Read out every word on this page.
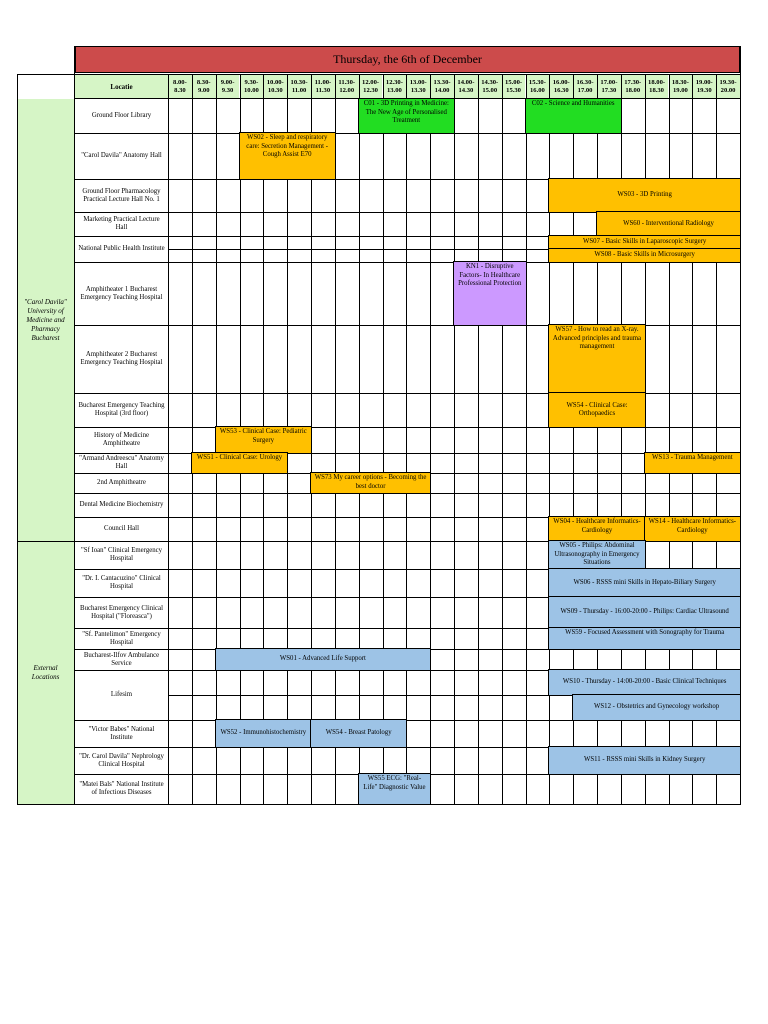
Thursday, the 6th of December
Locatie
8.00-8.30
8.30-9.00
9.00-9.30
9.30-10.00
10.00-10.30
10.30-11.00
11.00-11.30
11.30-12.00
12.00-12.30
12.30-13.00
13.00-13.30
13.30-14.00
14.00-14.30
14.30-15.00
15.00-15.30
15.30-16.00
16.00-16.30
16.30-17.00
17.00-17.30
17.30-18.00
18.00-18.30
18.30-19.00
19.00-19.30
19.30-20.00
"Carol Davila" University of Medicine and Pharmacy Bucharest
External Locations
Ground Floor Library
"Carol Davila" Anatomy Hall
Ground Floor Pharmacology Practical Lecture Hall No. 1
Marketing Practical Lecture Hall
National Public Health Institute
Amphitheater 1 Bucharest Emergency Teaching Hospital
Amphitheater 2 Bucharest Emergency Teaching Hospital
Bucharest Emergency Teaching Hospital (3rd floor)
History of Medicine Amphitheatre
"Armand Andreescu" Anatomy Hall
2nd Amphitheatre
Dental Medicine Biochemistry
Council Hall
"Sf Ioan" Clinical Emergency Hospital
"Dr. I. Cantacuzino" Clinical Hospital
Bucharest Emergency Clinical Hospital ("Floreasca")
"Sf. Pantelimon" Emergency Hospital
Bucharest-Ilfov Ambulance Service
Lifesim
"Victor Babes" National Institute
"Dr. Carol Davila" Nephrology Clinical Hospital
"Matei Bals" National Institute of Infectious Diseases
C01 - 3D Printing in Medicine: The New Age of Personalised Treatment
C02 - Science and Humanities
WS02 - Sleep and respiratory care: Secretion Management - Cough Assist E70
WS03 - 3D Printing
WS60 - Interventional Radiology
WS07 - Basic Skills in Laparoscopic Surgery
WS08 - Basic Skills in Microsurgery
KN1 - Disruptive Factors- In Healthcare Professional Protection
WS57 - How to read an X-ray. Advanced principles and trauma management
WS54 - Clinical Case: Orthopaedics
WS53 - Clinical Case: Pediatric Surgery
WS51 - Clinical Case: Urology	WS13 - Trauma Management
WS73 My career options - Becoming the best doctor
WS04 - Healthcare Informatics- Cardiology
WS14 - Healthcare Informatics- Cardiology
WS05 - Philips: Abdominal Ultrasonography in Emergency Situations
WS06 - RSSS mini Skills in Hepato-Biliary Surgery
WS09 - Thursday - 16:00-20:00 - Philips: Cardiac Ultrasound
WS59 - Focused Assessment with Sonography for Trauma
WS01 - Advanced Life Support
WS10 - Thursday - 14:00-20:00 - Basic Clinical Techniques
WS12 - Obstetrics and Gynecology workshop
WS52 - Immunohistochemistry	WS54 - Breast Patology
WS11 - RSSS mini Skills in Kidney Surgery
WS55 ECG: "Real-Life" Diagnostic Value
